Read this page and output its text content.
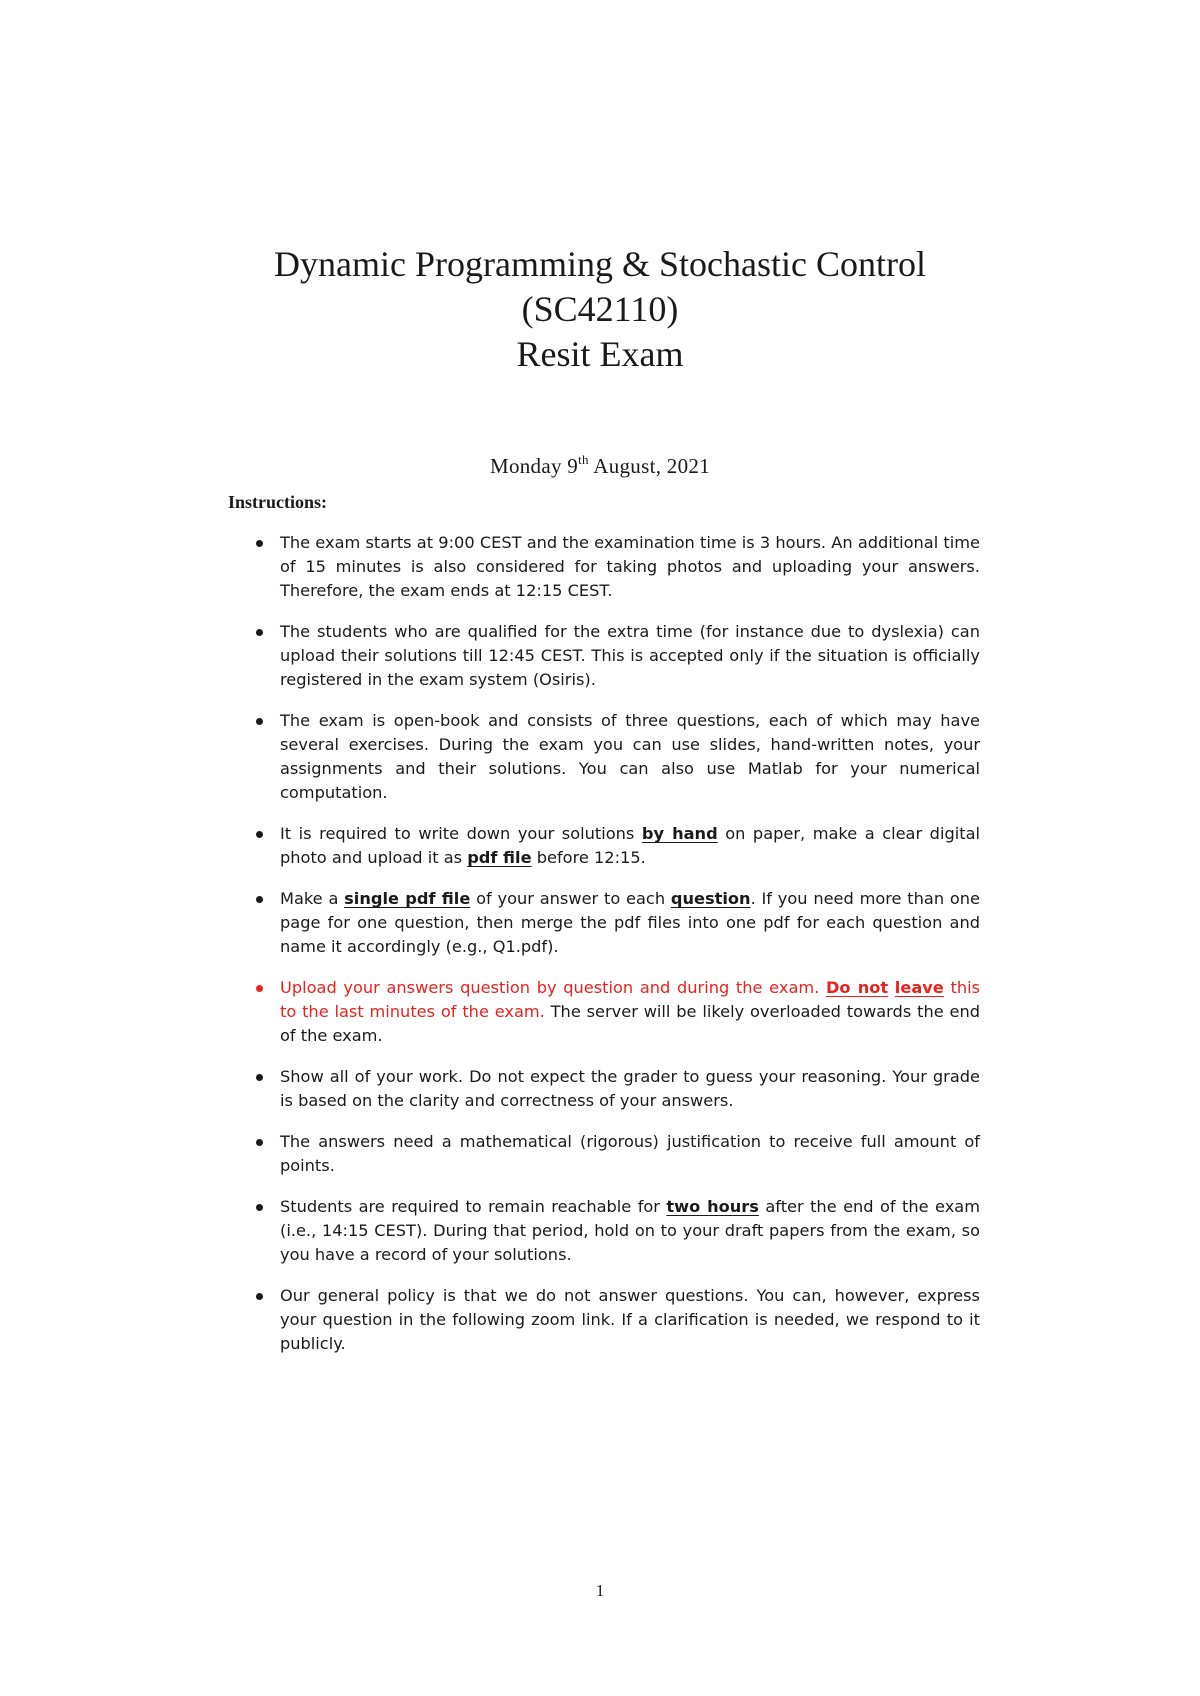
Dynamic Programming & Stochastic Control
(SC42110)
Resit Exam
Monday 9th August, 2021
Instructions:
The exam starts at 9:00 CEST and the examination time is 3 hours. An additional time of 15 minutes is also considered for taking photos and uploading your answers. Therefore, the exam ends at 12:15 CEST.
The students who are qualified for the extra time (for instance due to dyslexia) can upload their solutions till 12:45 CEST. This is accepted only if the situation is officially registered in the exam system (Osiris).
The exam is open-book and consists of three questions, each of which may have several exercises. During the exam you can use slides, hand-written notes, your assignments and their solutions. You can also use Matlab for your numerical computation.
It is required to write down your solutions by hand on paper, make a clear digital photo and upload it as pdf file before 12:15.
Make a single pdf file of your answer to each question. If you need more than one page for one question, then merge the pdf files into one pdf for each question and name it accordingly (e.g., Q1.pdf).
Upload your answers question by question and during the exam. Do not leave this to the last minutes of the exam. The server will be likely overloaded towards the end of the exam.
Show all of your work. Do not expect the grader to guess your reasoning. Your grade is based on the clarity and correctness of your answers.
The answers need a mathematical (rigorous) justification to receive full amount of points.
Students are required to remain reachable for two hours after the end of the exam (i.e., 14:15 CEST). During that period, hold on to your draft papers from the exam, so you have a record of your solutions.
Our general policy is that we do not answer questions. You can, however, express your question in the following zoom link. If a clarification is needed, we respond to it publicly.
1
